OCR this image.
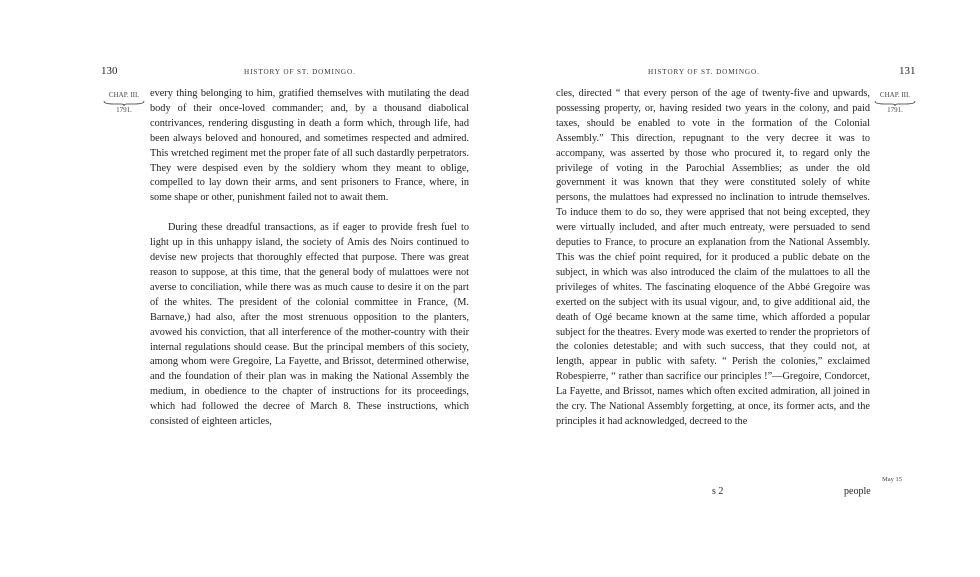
130	HISTORY OF ST. DOMINGO.
CHAP. III.
1791.

every thing belonging to him, gratified themselves with mutilating the dead body of their once-loved commander; and, by a thousand diabolical contrivances, rendering disgusting in death a form which, through life, had been always beloved and honoured, and sometimes respected and admired. This wretched regiment met the proper fate of all such dastardly perpetrators. They were despised even by the soldiery whom they meant to oblige, compelled to lay down their arms, and sent prisoners to France, where, in some shape or other, punishment failed not to await them.

During these dreadful transactions, as if eager to provide fresh fuel to light up in this unhappy island, the society of Amis des Noirs continued to devise new projects that thoroughly effected that purpose. There was great reason to suppose, at this time, that the general body of mulattoes were not averse to conciliation, while there was as much cause to desire it on the part of the whites. The president of the colonial committee in France, (M. Barnave,) had also, after the most strenuous opposition to the planters, avowed his conviction, that all interference of the mother-country with their internal regulations should cease. But the principal members of this society, among whom were Gregoire, La Fayette, and Brissot, determined otherwise, and the foundation of their plan was in making the National Assembly the medium, in obedience to the chapter of instructions for its proceedings, which had followed the decree of March 8. These instructions, which consisted of eighteen articles,

HISTORY OF ST. DOMINGO.	131

cles, directed “ that every person of the age of twenty-five and upwards, possessing property, or, having resided two years in the colony, and paid taxes, should be enabled to vote in the formation of the Colonial Assembly.” This direction, repugnant to the very decree it was to accompany, was asserted by those who procured it, to regard only the privilege of voting in the Parochial Assemblies; as under the old government it was known that they were constituted solely of white persons, the mulattoes had expressed no inclination to intrude themselves. To induce them to do so, they were apprised that not being excepted, they were virtually included, and after much entreaty, were persuaded to send deputies to France, to procure an explanation from the National Assembly. This was the chief point required, for it produced a public debate on the subject, in which was also introduced the claim of the mulattoes to all the privileges of whites. The fascinating eloquence of the Abbé Gregoire was exerted on the subject with its usual vigour, and, to give additional aid, the death of Ogé became known at the same time, which afforded a popular subject for the theatres. Every mode was exerted to render the proprietors of the colonies detestable; and with such success, that they could not, at length, appear in public with safety. “ Perish the colonies,” exclaimed Robespierre, “ rather than sacrifice our principles !”—Gregoire, Condorcet, La Fayette, and Brissot, names which often excited admiration, all joined in the cry. The National Assembly forgetting, at once, its former acts, and the principles it had acknowledged, decreed to the

CHAP. III.
1791.
May 15
s 2	people
